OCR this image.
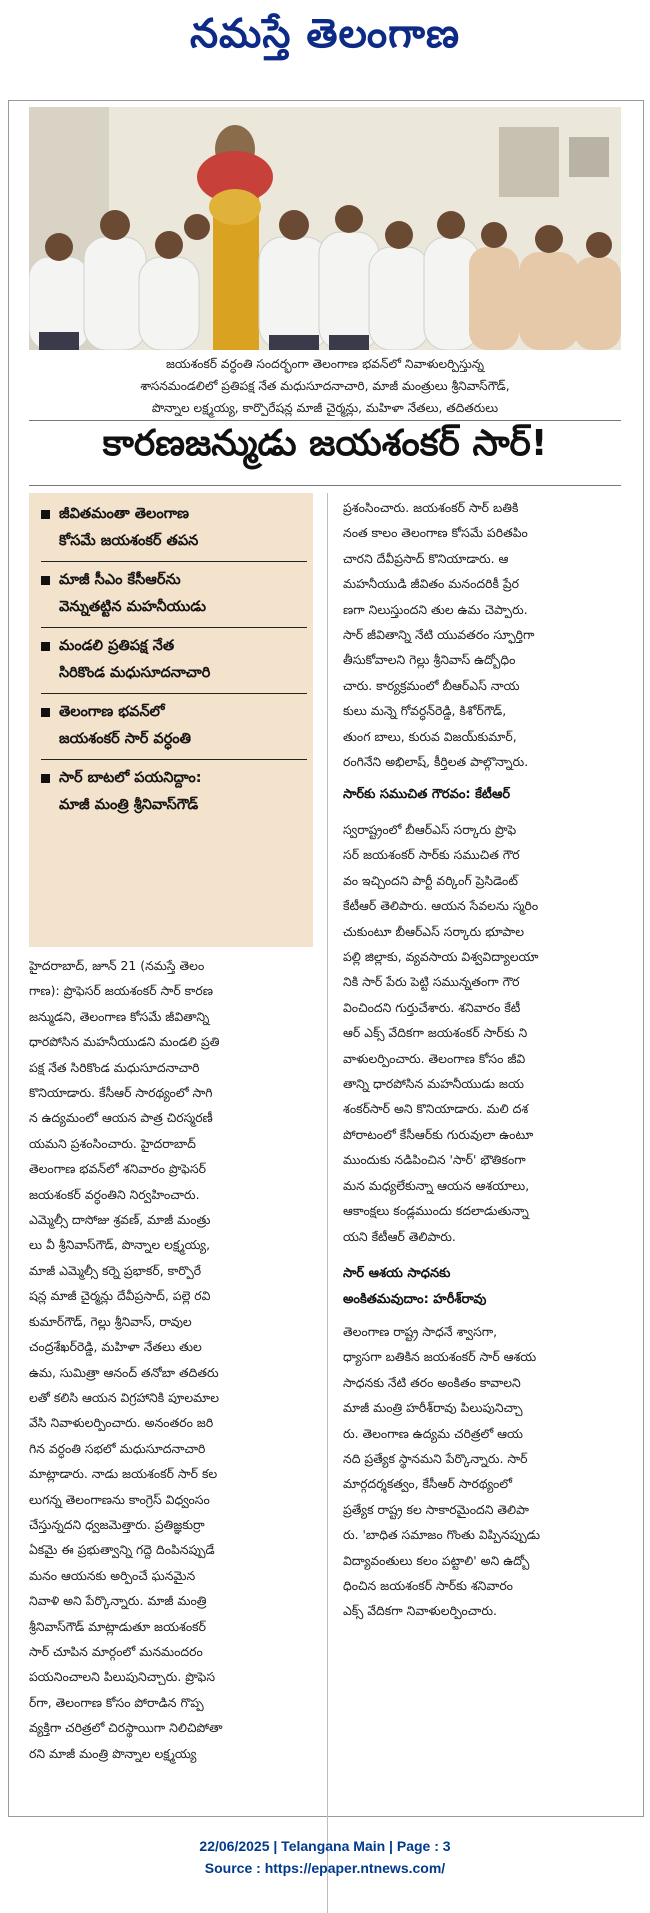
నమస్తే తెలంగాణ
జయశంకర్ వర్ధంతి సందర్భంగా తెలంగాణ భవన్‌లో నివాళులర్పిస్తున్న
శాసనమండలిలో ప్రతిపక్ష నేత మధుసూదనాచారి, మాజీ మంత్రులు శ్రీనివాస్‌గౌడ్,
పొన్నాల లక్ష్మయ్య, కార్పొరేషన్ల మాజీ చైర్మన్లు, మహిళా నేతలు, తదితరులు
కారణజన్ముడు జయశంకర్ సార్!
జీవితమంతా తెలంగాణ
కోసమే జయశంకర్ తపన
మాజీ సీఎం కేసీఆర్‌ను
వెన్నుతట్టిన మహనీయుడు
మండలి ప్రతిపక్ష నేత
సిరికొండ మధుసూదనాచారి
తెలంగాణ భవన్‌లో
జయశంకర్ సార్ వర్ధంతి
సార్ బాటలో పయనిద్దాం:
మాజీ మంత్రి శ్రీనివాస్‌గౌడ్
హైదరాబాద్, జూన్ 21 (నమస్తే తెలం
గాణ): ప్రొఫెసర్ జయశంకర్ సార్ కారణ
జన్ముడని, తెలంగాణ కోసమే జీవితాన్ని
ధారపోసిన మహనీయుడని మండలి ప్రతి
పక్ష నేత సిరికొండ మధుసూదనాచారి
కొనియాడారు. కేసీఆర్ సారథ్యంలో సాగి
న ఉద్యమంలో ఆయన పాత్ర చిరస్మరణీ
యమని ప్రశంసించారు. హైదరాబాద్
తెలంగాణ భవన్‌లో శనివారం ప్రొఫెసర్
జయశంకర్ వర్ధంతిని నిర్వహించారు.
ఎమ్మెల్సీ దాసోజు శ్రవణ్, మాజీ మంత్రు
లు వీ శ్రీనివాస్‌గౌడ్, పొన్నాల లక్ష్మయ్య,
మాజీ ఎమ్మెల్సీ కర్నె ప్రభాకర్, కార్పొరే
షన్ల మాజీ చైర్మన్లు దేవీప్రసాద్, పల్లె రవి
కుమార్‌గౌడ్, గెల్లు శ్రీనివాస్, రావుల
చంద్రశేఖర్‌రెడ్డి, మహిళా నేతలు తుల
ఉమ, సుమిత్రా ఆనంద్ తనోబా తదితరు
లతో కలిసి ఆయన విగ్రహానికి పూలమాల
వేసి నివాళులర్పించారు. అనంతరం జరి
గిన వర్ధంతి సభలో మధుసూదనాచారి
మాట్లాడారు. నాడు జయశంకర్ సార్ కల
లుగన్న తెలంగాణను కాంగ్రెస్ విధ్వంసం
చేస్తున్నదని ధ్వజమెత్తారు. ప్రతిజ్ఞకుర్రా
ఏకమై ఈ ప్రభుత్వాన్ని గద్దె దింపినప్పుడే
మనం ఆయనకు అర్పించే ఘనమైన
నివాళి అని పేర్కొన్నారు. మాజీ మంత్రి
శ్రీనివాస్‌గౌడ్ మాట్లాడుతూ జయశంకర్
సార్ చూపిన మార్గంలో మనమందరం
పయనించాలని పిలుపునిచ్చారు. ప్రొఫెస
ర్‌గా, తెలంగాణ కోసం పోరాడిన గొప్ప
వ్యక్తిగా చరిత్రలో చిరస్థాయిగా నిలిచిపోతా
రని మాజీ మంత్రి పొన్నాల లక్ష్మయ్య
ప్రశంసించారు. జయశంకర్ సార్ బతికి
నంత కాలం తెలంగాణ కోసమే పరితపిం
చారని దేవీప్రసాద్ కొనియాడారు. ఆ
మహనీయుడి జీవితం మనందరికీ ప్రేర
ణగా నిలుస్తుందని తుల ఉమ చెప్పారు.
సార్ జీవితాన్ని నేటి యువతరం స్ఫూర్తిగా
తీసుకోవాలని గెల్లు శ్రీనివాస్ ఉద్బోధిం
చారు. కార్యక్రమంలో బీఆర్‌ఎస్ నాయ
కులు మన్నె గోవర్ధన్‌రెడ్డి, కిశోర్‌గౌడ్,
తుంగ బాలు, కురువ విజయ్‌కుమార్,
రంగినేని అభిలాష్, కీర్తిలత పాల్గొన్నారు.
సార్‌కు సముచిత గౌరవం: కేటీఆర్
స్వరాష్ట్రంలో బీఆర్‌ఎస్ సర్కారు ప్రొఫె
సర్ జయశంకర్ సార్‌కు సముచిత గౌర
వం ఇచ్చిందని పార్టీ వర్కింగ్ ప్రెసిడెంట్
కేటీఆర్ తెలిపారు. ఆయన సేవలను స్మరిం
చుకుంటూ బీఆర్‌ఎస్ సర్కారు భూపాల
పల్లి జిల్లాకు, వ్యవసాయ విశ్వవిద్యాలయా
నికి సార్ పేరు పెట్టి సమున్నతంగా గౌర
వించిందని గుర్తుచేశారు. శనివారం కేటీ
ఆర్ ఎక్స్ వేదికగా జయశంకర్ సార్‌కు ని
వాళులర్పించారు. తెలంగాణ కోసం జీవి
తాన్ని ధారపోసిన మహనీయుడు జయ
శంకర్‌సార్ అని కొనియాడారు. మలి దశ
పోరాటంలో కేసీఆర్‌కు గురువులా ఉంటూ
ముందుకు నడిపించిన 'సార్' భౌతికంగా
మన మధ్యలేకున్నా ఆయన ఆశయాలు,
ఆకాంక్షలు కండ్లముందు కదలాడుతున్నా
యని కేటీఆర్ తెలిపారు.
సార్ ఆశయ సాధనకు
అంకితమవుదాం: హరీశ్‌రావు
తెలంగాణ రాష్ట్ర సాధనే శ్వాసగా,
ధ్యాసగా బతికిన జయశంకర్ సార్ ఆశయ
సాధనకు నేటి తరం అంకితం కావాలని
మాజీ మంత్రి హరీశ్‌రావు పిలుపునిచ్చా
రు. తెలంగాణ ఉద్యమ చరిత్రలో ఆయ
నది ప్రత్యేక స్థానమని పేర్కొన్నారు. సార్
మార్గదర్శకత్వం, కేసీఆర్ సారథ్యంలో
ప్రత్యేక రాష్ట్ర కల సాకారమైందని తెలిపా
రు. 'బాధిత సమాజం గొంతు విప్పినప్పుడు
విద్యావంతులు కలం పట్టాలి' అని ఉద్బో
ధించిన జయశంకర్ సార్‌కు శనివారం
ఎక్స్ వేదికగా నివాళులర్పించారు.
22/06/2025 | Telangana Main | Page : 3
Source : https://epaper.ntnews.com/
